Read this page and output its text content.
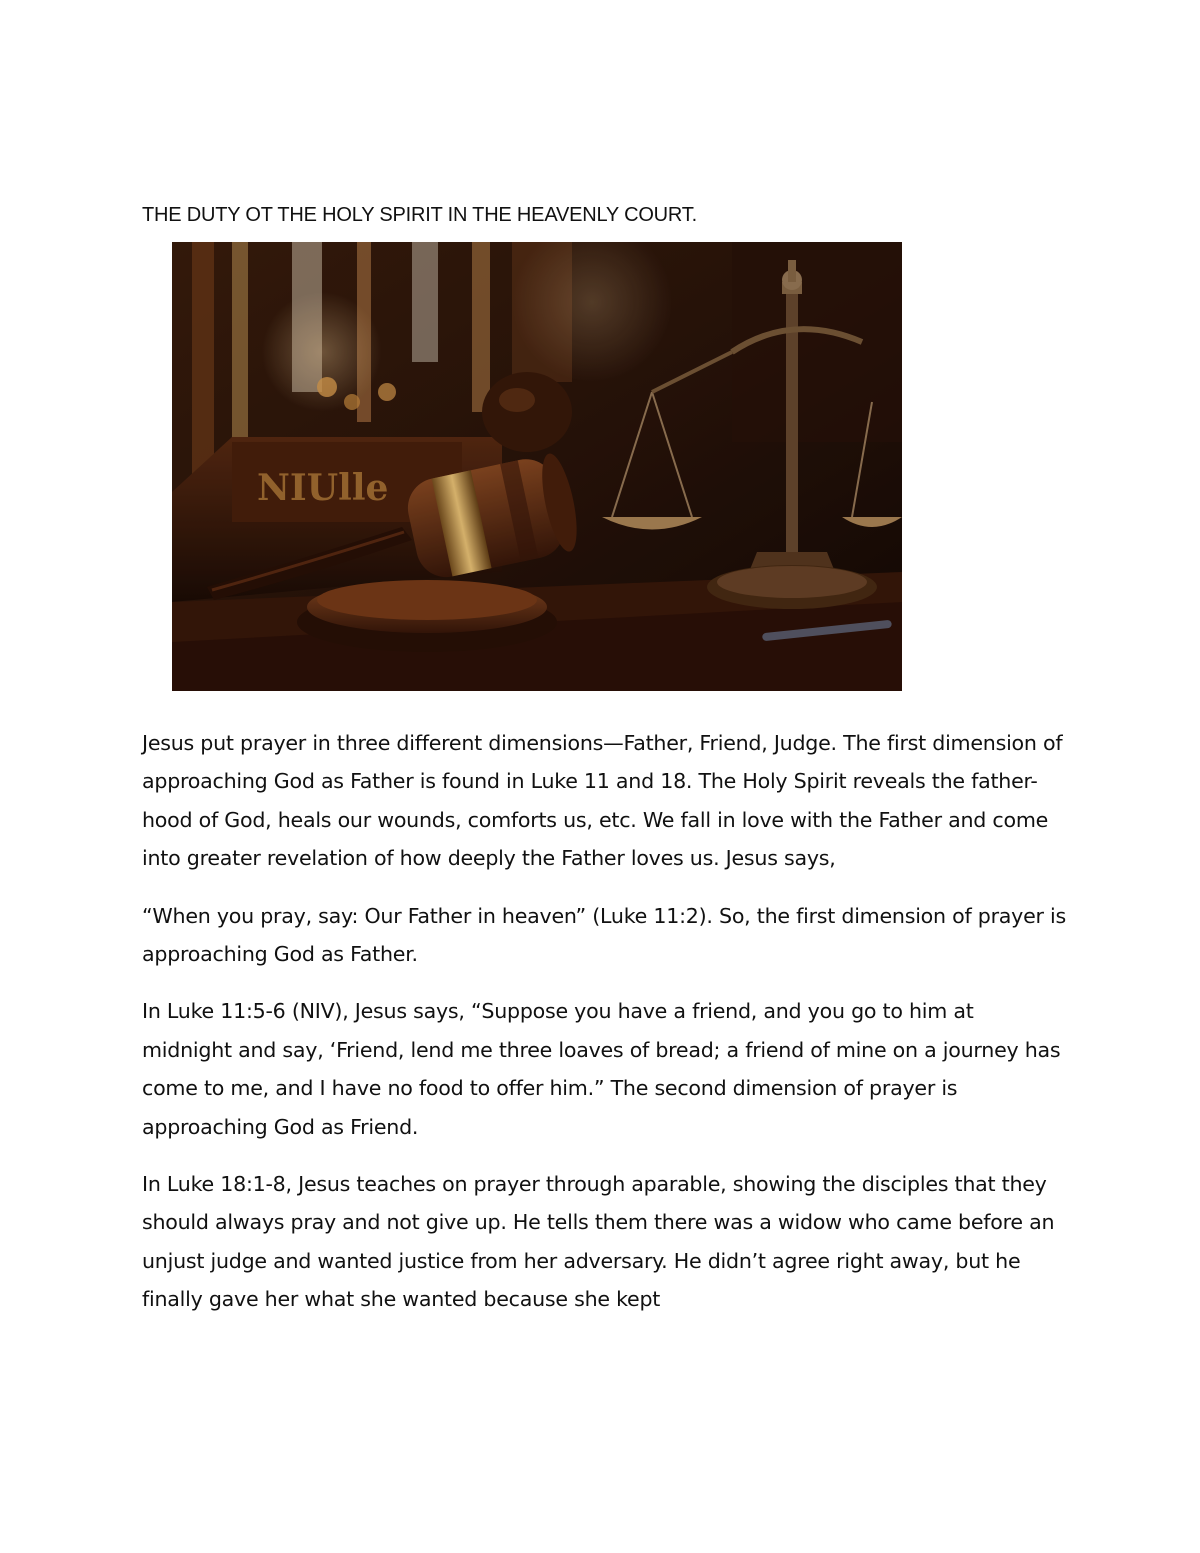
THE DUTY OT THE HOLY SPIRIT IN THE HEAVENLY COURT.
NIUlle

Jesus put prayer in three different dimensions—Father, Friend, Judge. The first dimension of approaching God as Father is found in Luke 11 and 18. The Holy Spirit reveals the father-hood of God, heals our wounds, comforts us, etc. We fall in love with the Father and come into greater revelation of how deeply the Father loves us. Jesus says,

“When you pray, say: Our Father in heaven” (Luke 11:2). So, the first dimension of prayer is approaching God as Father.

In Luke 11:5-6 (NIV), Jesus says, “Suppose you have a friend, and you go to him at midnight and say, ‘Friend, lend me three loaves of bread; a friend of mine on a journey has come to me, and I have no food to offer him.” The second dimension of prayer is approaching God as Friend.

In Luke 18:1-8, Jesus teaches on prayer through aparable, showing the disciples that they should always pray and not give up. He tells them there was a widow who came before an unjust judge and wanted justice from her adversary. He didn’t agree right away, but he finally gave her what she wanted because she kept
